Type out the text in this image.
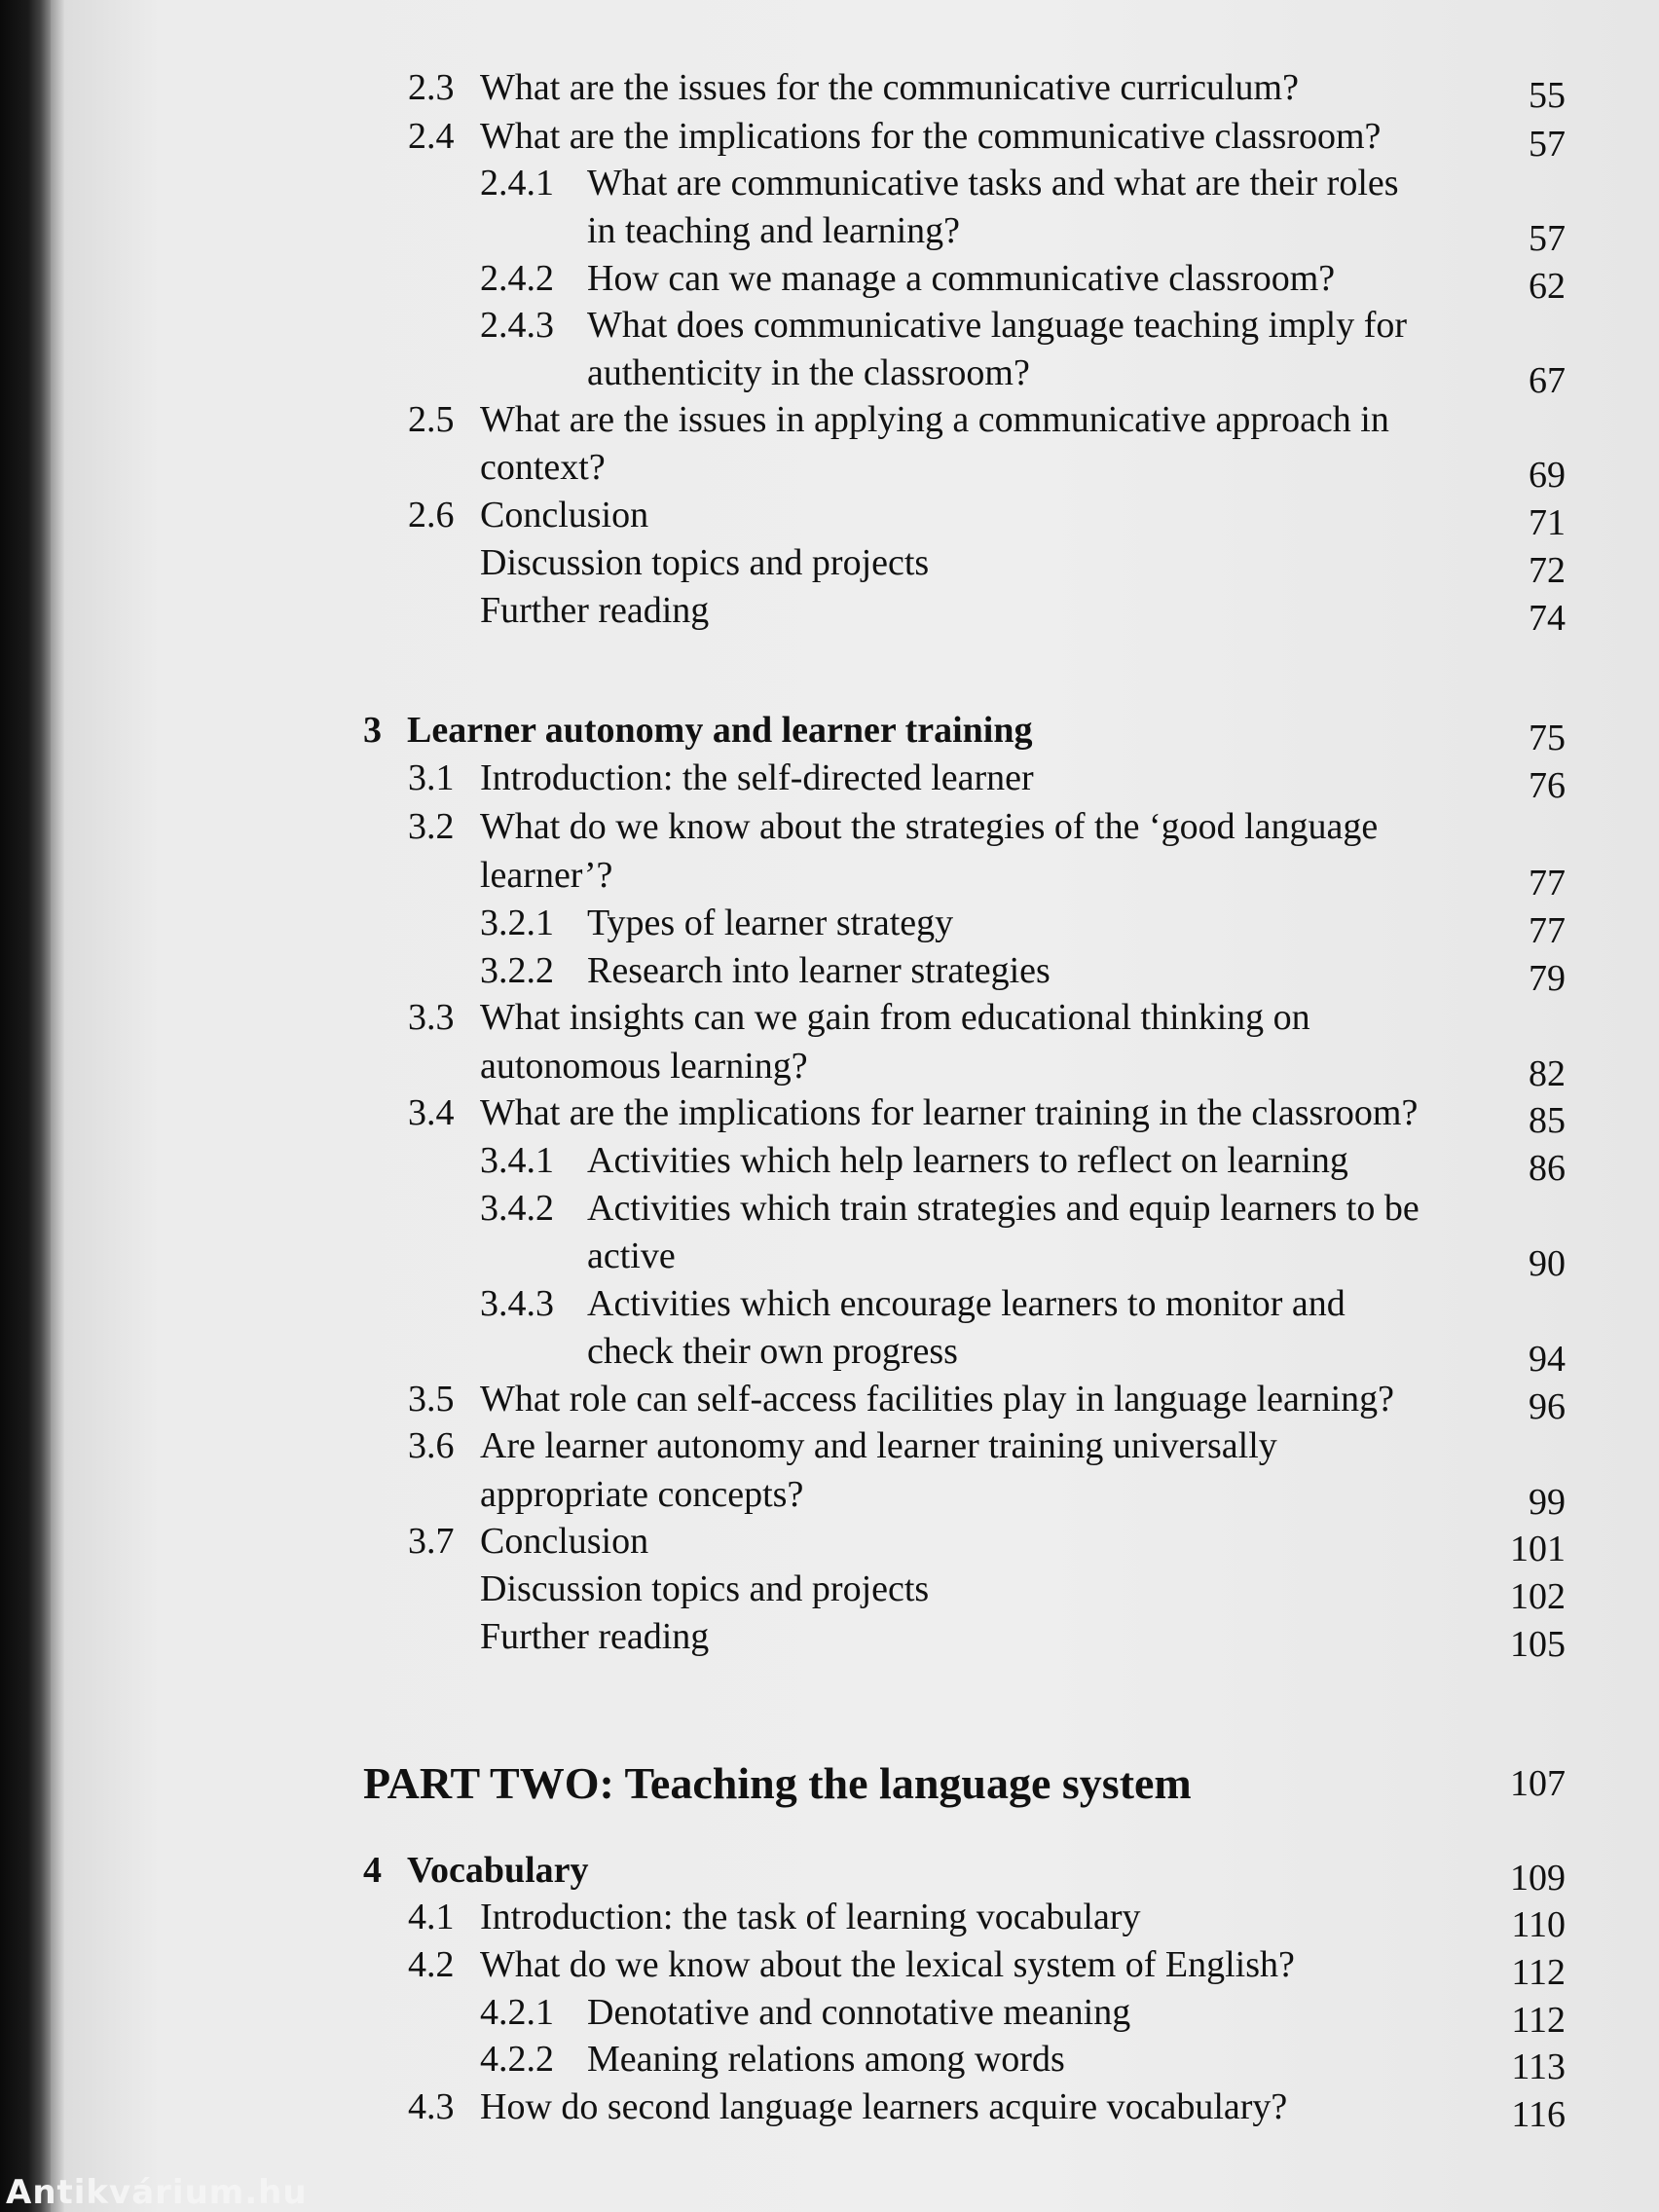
Antikvárium.hu
2.3 What are the issues for the communicative curriculum?	55
2.4 What are the implications for the communicative classroom?	57
2.4.1 What are communicative tasks and what are their roles
in teaching and learning?	57
2.4.2 How can we manage a communicative classroom?	62
2.4.3 What does communicative language teaching imply for
authenticity in the classroom?	67
2.5 What are the issues in applying a communicative approach in
context?	69
2.6 Conclusion	71
Discussion topics and projects	72
Further reading	74
3 Learner autonomy and learner training	75
3.1 Introduction: the self-directed learner	76
3.2 What do we know about the strategies of the ‘good language
learner’?	77
3.2.1 Types of learner strategy	77
3.2.2 Research into learner strategies	79
3.3 What insights can we gain from educational thinking on
autonomous learning?	82
3.4 What are the implications for learner training in the classroom?	85
3.4.1 Activities which help learners to reflect on learning	86
3.4.2 Activities which train strategies and equip learners to be
active	90
3.4.3 Activities which encourage learners to monitor and
check their own progress	94
3.5 What role can self-access facilities play in language learning?	96
3.6 Are learner autonomy and learner training universally
appropriate concepts?	99
3.7 Conclusion	101
Discussion topics and projects	102
Further reading	105
PART TWO: Teaching the language system	107
4 Vocabulary	109
4.1 Introduction: the task of learning vocabulary	110
4.2 What do we know about the lexical system of English?	112
4.2.1 Denotative and connotative meaning	112
4.2.2 Meaning relations among words	113
4.3 How do second language learners acquire vocabulary?	116
